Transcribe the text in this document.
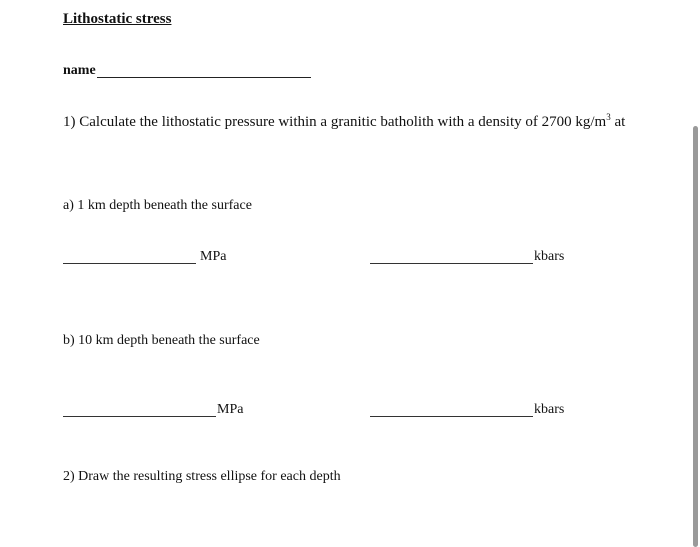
Lithostatic stress
name
1) Calculate the lithostatic pressure within a granitic batholith with a density of 2700 $kg/m^3$ at
a) 1 km depth beneath the surface
MPa	kbars
b) 10 km depth beneath the surface
MPa	kbars
2) Draw the resulting stress ellipse for each depth
